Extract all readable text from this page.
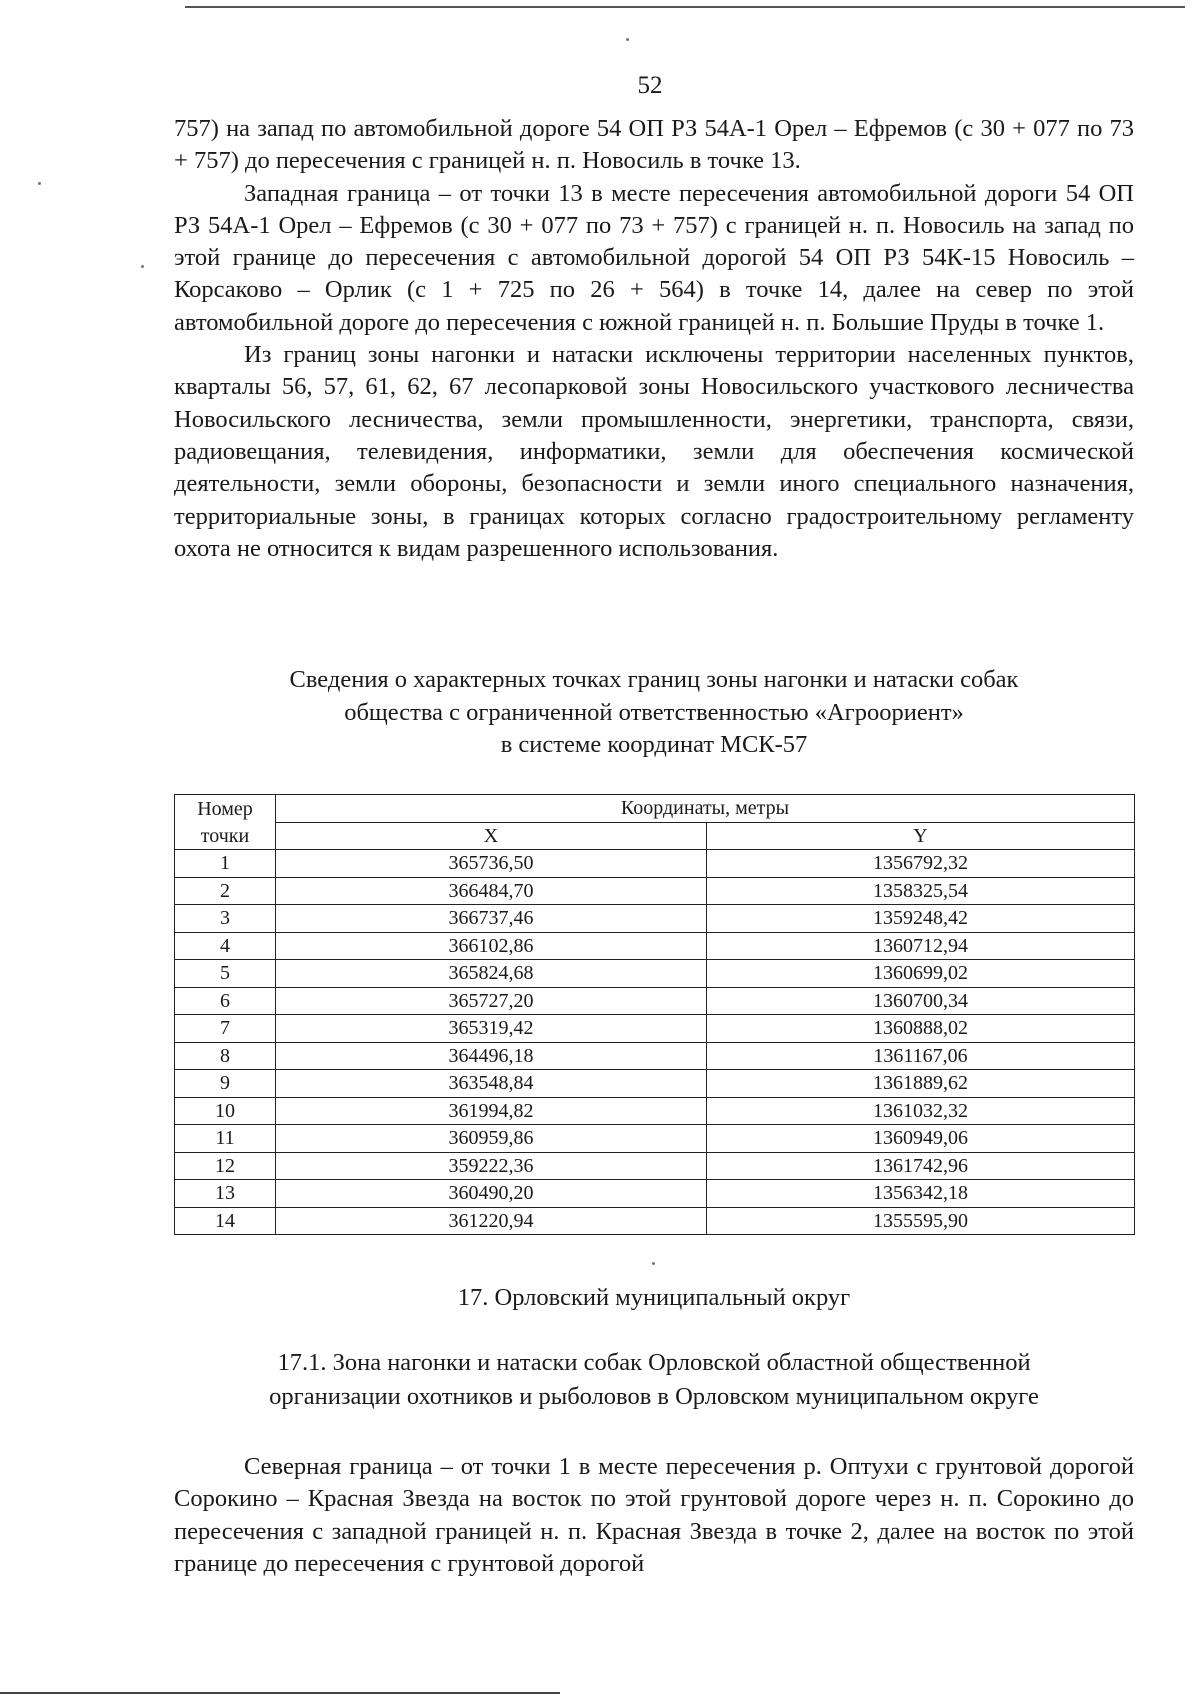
52

757) на запад по автомобильной дороге 54 ОП РЗ 54А-1 Орел – Ефремов (с 30 + 077 по 73 + 757) до пересечения с границей н. п. Новосиль в точке 13.

Западная граница – от точки 13 в месте пересечения автомобильной дороги 54 ОП РЗ 54А-1 Орел – Ефремов (с 30 + 077 по 73 + 757) с границей н. п. Новосиль на запад по этой границе до пересечения с автомобильной дорогой 54 ОП РЗ 54К-15 Новосиль – Корсаково – Орлик (с 1 + 725 по 26 + 564) в точке 14, далее на север по этой автомобильной дороге до пересечения с южной границей н. п. Большие Пруды в точке 1.

Из границ зоны нагонки и натаски исключены территории населенных пунктов, кварталы 56, 57, 61, 62, 67 лесопарковой зоны Новосильского участкового лесничества Новосильского лесничества, земли промышленности, энергетики, транспорта, связи, радиовещания, телевидения, информатики, земли для обеспечения космической деятельности, земли обороны, безопасности и земли иного специального назначения, территориальные зоны, в границах которых согласно градостроительному регламенту охота не относится к видам разрешенного использования.

Сведения о характерных точках границ зоны нагонки и натаски собак
общества с ограниченной ответственностью «Агроориент»
в системе координат МСК-57
Номер	Координаты, метры	
точки	X	Y
1	365736,50	1356792,32
2	366484,70	1358325,54
3	366737,46	1359248,42
4	366102,86	1360712,94
5	365824,68	1360699,02
6	365727,20	1360700,34
7	365319,42	1360888,02
8	364496,18	1361167,06
9	363548,84	1361889,62
10	361994,82	1361032,32
11	360959,86	1360949,06
12	359222,36	1361742,96
13	360490,20	1356342,18
14	361220,94	1355595,90
17. Орловский муниципальный округ
17.1. Зона нагонки и натаски собак Орловской областной общественной
организации охотников и рыболовов в Орловском муниципальном округе

Северная граница – от точки 1 в месте пересечения р. Оптухи с грунтовой дорогой Сорокино – Красная Звезда на восток по этой грунтовой дороге через н. п. Сорокино до пересечения с западной границей н. п. Красная Звезда в точке 2, далее на восток по этой границе до пересечения с грунтовой дорогой
